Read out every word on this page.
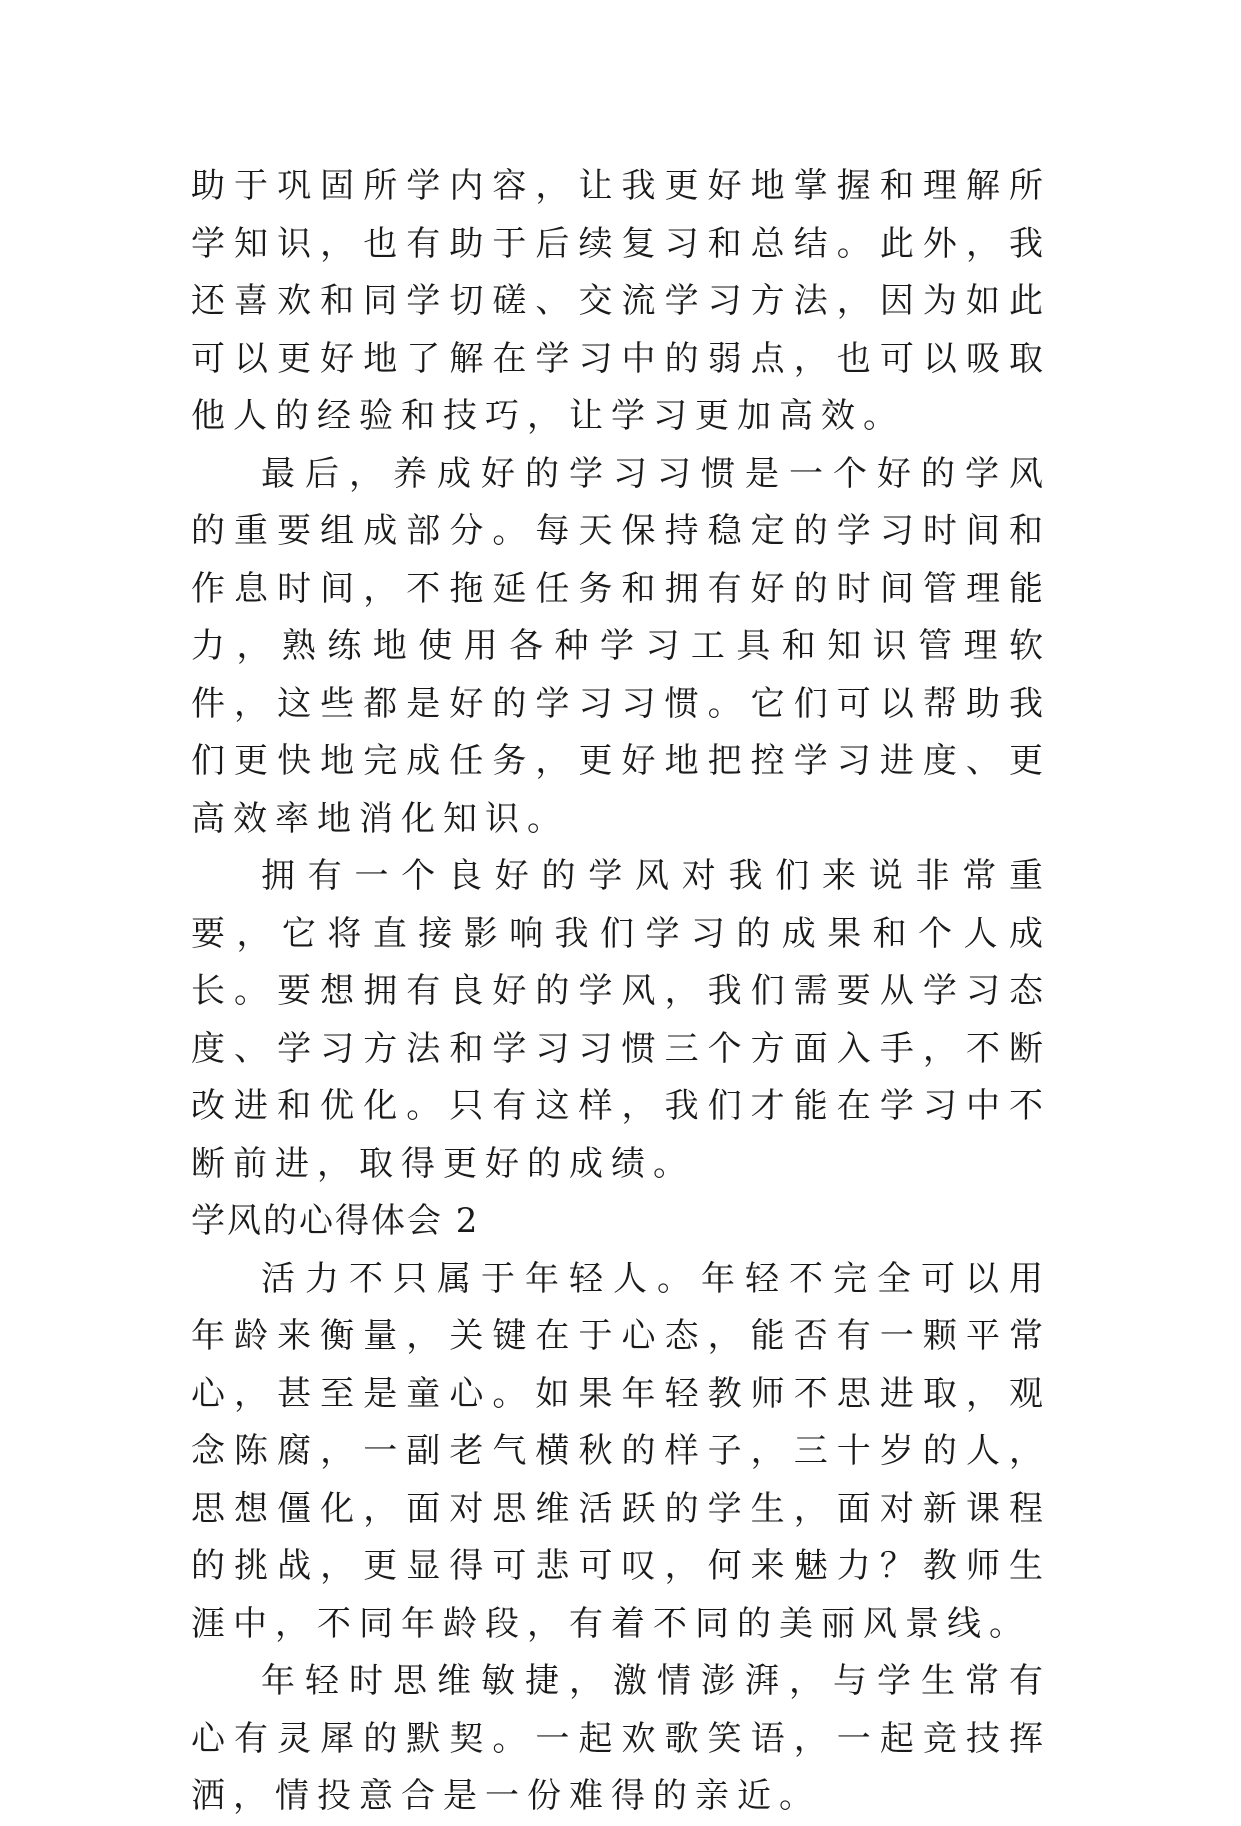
助于巩固所学内容，让我更好地掌握和理解所学知识，也有助于后续复习和总结。此外，我还喜欢和同学切磋、交流学习方法，因为如此可以更好地了解在学习中的弱点，也可以吸取他人的经验和技巧，让学习更加高效。

最后，养成好的学习习惯是一个好的学风的重要组成部分。每天保持稳定的学习时间和作息时间，不拖延任务和拥有好的时间管理能力，熟练地使用各种学习工具和知识管理软件，这些都是好的学习习惯。它们可以帮助我们更快地完成任务，更好地把控学习进度、更高效率地消化知识。

拥有一个良好的学风对我们来说非常重要，它将直接影响我们学习的成果和个人成长。要想拥有良好的学风，我们需要从学习态度、学习方法和学习习惯三个方面入手，不断改进和优化。只有这样，我们才能在学习中不断前进，取得更好的成绩。

学风的心得体会 2

活力不只属于年轻人。年轻不完全可以用年龄来衡量，关键在于心态，能否有一颗平常心，甚至是童心。如果年轻教师不思进取，观念陈腐，一副老气横秋的样子，三十岁的人，思想僵化，面对思维活跃的学生，面对新课程的挑战，更显得可悲可叹，何来魅力？教师生涯中，不同年龄段，有着不同的美丽风景线。

年轻时思维敏捷，激情澎湃，与学生常有心有灵犀的默契。一起欢歌笑语，一起竞技挥洒，情投意合是一份难得的亲近。
